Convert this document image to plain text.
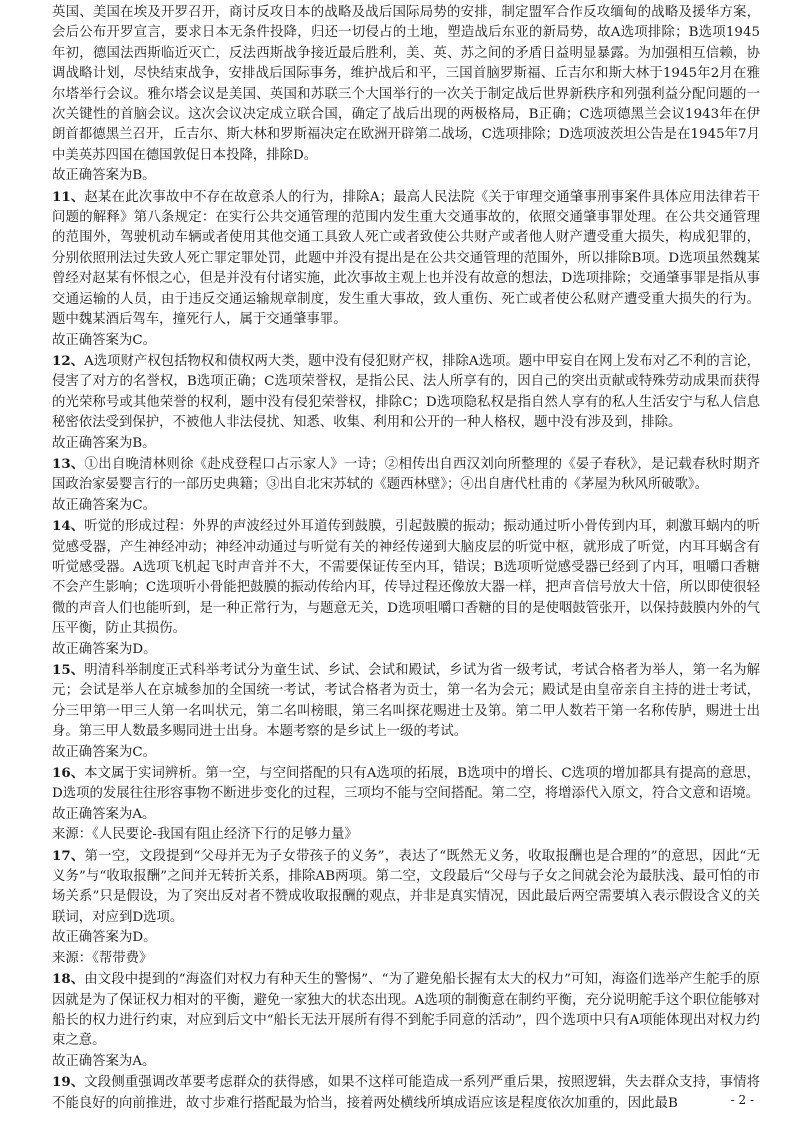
英国、美国在埃及开罗召开，商讨反攻日本的战略及战后国际局势的安排，制定盟军合作反攻缅甸的战略及援华方案，会后公布开罗宣言，要求日本无条件投降，归还一切侵占的土地，塑造战后东亚的新局势，故A选项排除；B选项1945年初，德国法西斯临近灭亡，反法西斯战争接近最后胜利，美、英、苏之间的矛盾日益明显暴露。为加强相互信赖，协调战略计划，尽快结束战争，安排战后国际事务，维护战后和平，三国首脑罗斯福、丘吉尔和斯大林于1945年2月在雅尔塔举行会议。雅尔塔会议是美国、英国和苏联三个大国举行的一次关于制定战后世界新秩序和列强利益分配问题的一次关键性的首脑会议。这次会议决定成立联合国，确定了战后出现的两极格局，B正确；C选项德黑兰会议1943年在伊朗首都德黑兰召开，丘吉尔、斯大林和罗斯福决定在欧洲开辟第二战场，C选项排除；D选项波茨坦公告是在1945年7月中美英苏四国在德国敦促日本投降，排除D。

故正确答案为B。

11、赵某在此次事故中不存在故意杀人的行为，排除A；最高人民法院《关于审理交通肇事刑事案件具体应用法律若干问题的解释》第八条规定：在实行公共交通管理的范围内发生重大交通事故的，依照交通肇事罪处理。在公共交通管理的范围外，驾驶机动车辆或者使用其他交通工具致人死亡或者致使公共财产或者他人财产遭受重大损失，构成犯罪的，分别依照刑法过失致人死亡罪定罪处罚，此题中并没有提出是在公共交通管理的范围外，所以排除B项。D选项虽然魏某曾经对赵某有怀恨之心，但是并没有付诸实施，此次事故主观上也并没有故意的想法，D选项排除；交通肇事罪是指从事交通运输的人员，由于违反交通运输规章制度，发生重大事故，致人重伤、死亡或者使公私财产遭受重大损失的行为。题中魏某酒后驾车，撞死行人，属于交通肇事罪。

故正确答案为C。

12、A选项财产权包括物权和债权两大类，题中没有侵犯财产权，排除A选项。题中甲妄自在网上发布对乙不利的言论，侵害了对方的名誉权，B选项正确；C选项荣誉权，是指公民、法人所享有的，因自己的突出贡献或特殊劳动成果而获得的光荣称号或其他荣誉的权利，题中没有侵犯荣誉权，排除C；D选项隐私权是指自然人享有的私人生活安宁与私人信息秘密依法受到保护，不被他人非法侵扰、知悉、收集、利用和公开的一种人格权，题中没有涉及到，排除。

故正确答案为B。

13、①出自晚清林则徐《赴戍登程口占示家人》一诗；②相传出自西汉刘向所整理的《晏子春秋》，是记载春秋时期齐国政治家晏婴言行的一部历史典籍；③出自北宋苏轼的《题西林壁》；④出自唐代杜甫的《茅屋为秋风所破歌》。

故正确答案为C。

14、听觉的形成过程：外界的声波经过外耳道传到鼓膜，引起鼓膜的振动；振动通过听小骨传到内耳，刺激耳蜗内的听觉感受器，产生神经冲动；神经冲动通过与听觉有关的神经传递到大脑皮层的听觉中枢，就形成了听觉，内耳耳蜗含有听觉感受器。A选项飞机起飞时声音并不大，不需要保证传至内耳，错误；B选项听觉感受器已经到了内耳，咀嚼口香糖不会产生影响；C选项听小骨能把鼓膜的振动传给内耳，传导过程还像放大器一样，把声音信号放大十倍，所以即使很轻微的声音人们也能听到，是一种正常行为，与题意无关，D选项咀嚼口香糖的目的是使咽鼓管张开，以保持鼓膜内外的气压平衡，防止其损伤。

故正确答案为D。

15、明清科举制度正式科举考试分为童生试、乡试、会试和殿试，乡试为省一级考试，考试合格者为举人，第一名为解元；会试是举人在京城参加的全国统一考试，考试合格者为贡士，第一名为会元；殿试是由皇帝亲自主持的进士考试，分三甲第一甲三人第一名叫状元，第二名叫榜眼，第三名叫探花赐进士及第。第二甲人数若干第一名称传胪，赐进士出身。第三甲人数最多赐同进士出身。本题考察的是乡试上一级的考试。

故正确答案为C。

16、本文属于实词辨析。第一空，与空间搭配的只有A选项的拓展，B选项中的增长、C选项的增加都具有提高的意思，D选项的发展往往形容事物不断进步变化的过程，三项均不能与空间搭配。第二空，将增添代入原文，符合文意和语境。

故正确答案为A。

来源：《人民要论-我国有阻止经济下行的足够力量》

17、第一空，文段提到“父母并无为子女带孩子的义务”，表达了“既然无义务，收取报酬也是合理的”的意思，因此“无义务”与“收取报酬”之间并无转折关系，排除AB两项。第二空，文段最后“父母与子女之间就会沦为最肤浅、最可怕的市场关系”只是假设，为了突出反对者不赞成收取报酬的观点，并非是真实情况，因此最后两空需要填入表示假设含义的关联词，对应到D选项。

故正确答案为D。

来源：《帮带费》

18、由文段中提到的“海盗们对权力有种天生的警惕”、“为了避免船长握有太大的权力”可知，海盗们选举产生舵手的原因就是为了保证权力相对的平衡，避免一家独大的状态出现。A选项的制衡意在制约平衡，充分说明舵手这个职位能够对船长的权力进行约束，对应到后文中“船长无法开展所有得不到舵手同意的活动”，四个选项中只有A项能体现出对权力约束之意。

故正确答案为A。

19、文段侧重强调改革要考虑群众的获得感，如果不这样可能造成一系列严重后果，按照逻辑，失去群众支持，事情将不能良好的向前推进，故寸步难行搭配最为恰当，接着两处横线所填成语应该是程度依次加重的，因此最B	- 2 -
